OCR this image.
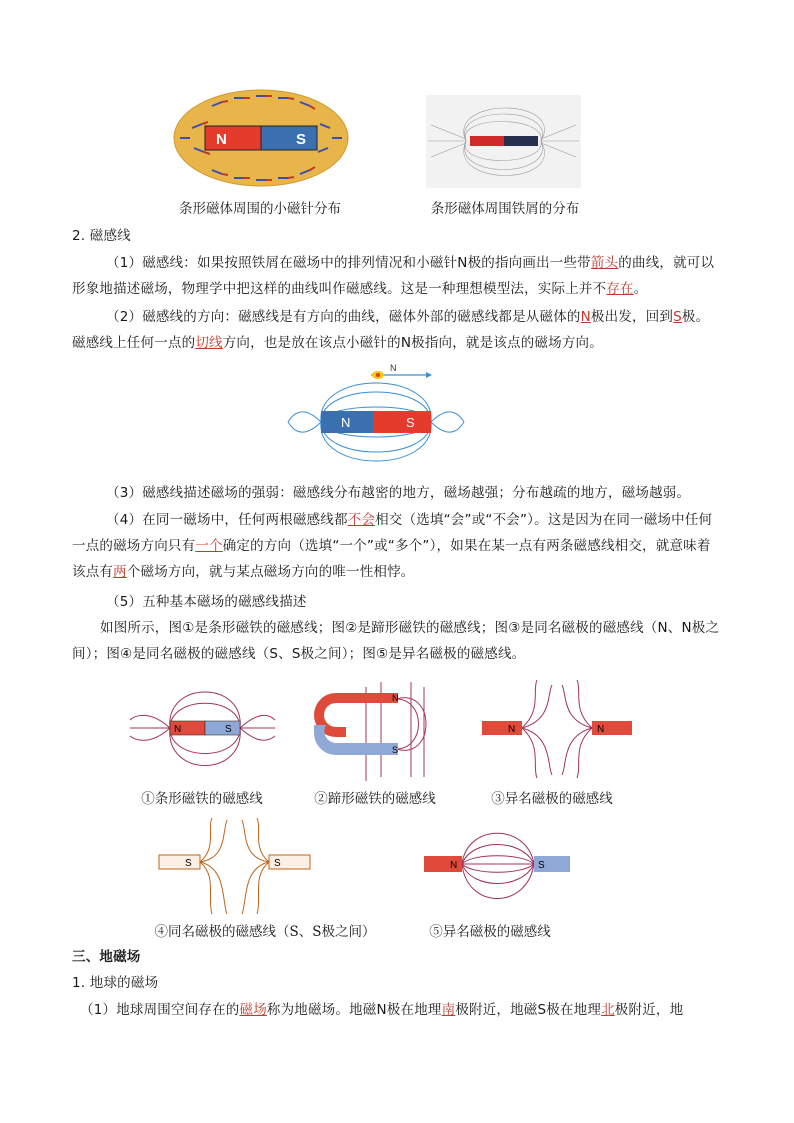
N	S
条形磁体周围的小磁针分布	条形磁体周围铁屑的分布
2. 磁感线
（1）磁感线：如果按照铁屑在磁场中的排列情况和小磁针N极的指向画出一些带箭头的曲线，就可以形象地描述磁场，物理学中把这样的曲线叫作磁感线。这是一种理想模型法，实际上并不存在。
（2）磁感线的方向：磁感线是有方向的曲线，磁体外部的磁感线都是从磁体的N极出发，回到S极。磁感线上任何一点的切线方向，也是放在该点小磁针的N极指向，就是该点的磁场方向。
N
N	S
（3）磁感线描述磁场的强弱：磁感线分布越密的地方，磁场越强；分布越疏的地方，磁场越弱。
（4）在同一磁场中，任何两根磁感线都不会相交（选填“会”或“不会”）。这是因为在同一磁场中任何一点的磁场方向只有一个确定的方向（选填“一个”或“多个”），如果在某一点有两条磁感线相交，就意味着该点有两个磁场方向，就与某点磁场方向的唯一性相悖。
（5）五种基本磁场的磁感线描述
如图所示，图①是条形磁铁的磁感线；图②是蹄形磁铁的磁感线；图③是同名磁极的磁感线（N、N极之间）；图④是同名磁极的磁感线（S、S极之间）；图⑤是异名磁极的磁感线。
N	S
N
S
N	N
①条形磁铁的磁感线	②蹄形磁铁的磁感线	③异名磁极的磁感线
S	S	N	S
④同名磁极的磁感线（S、S极之间）	⑤异名磁极的磁感线
三、地磁场
1. 地球的磁场
（1）地球周围空间存在的磁场称为地磁场。地磁N极在地理南极附近，地磁S极在地理北极附近，地
